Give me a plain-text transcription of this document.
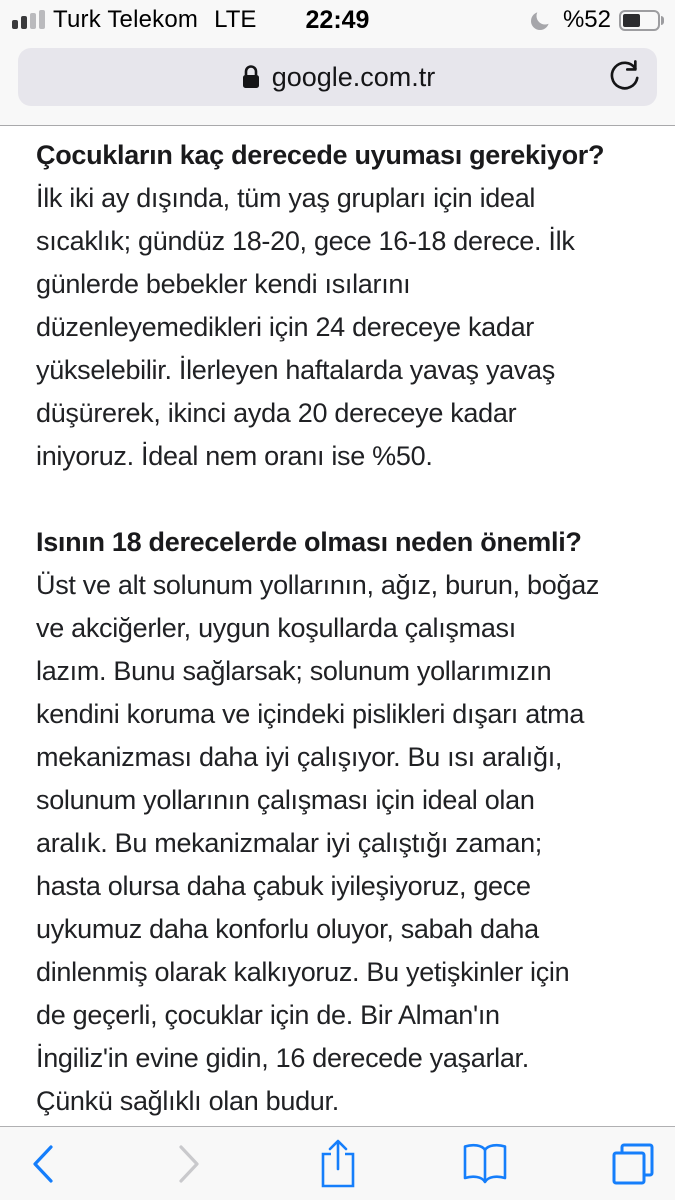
Turk Telekom LTE 22:49	%52
google.com.tr
Çocukların kaç derecede uyuması gerekiyor?
İlk iki ay dışında, tüm yaş grupları için ideal
sıcaklık; gündüz 18-20, gece 16-18 derece. İlk
günlerde bebekler kendi ısılarını
düzenleyemedikleri için 24 dereceye kadar
yükselebilir. İlerleyen haftalarda yavaş yavaş
düşürerek, ikinci ayda 20 dereceye kadar
iniyoruz. İdeal nem oranı ise %50.
Isının 18 derecelerde olması neden önemli?
Üst ve alt solunum yollarının, ağız, burun, boğaz
ve akciğerler, uygun koşullarda çalışması
lazım. Bunu sağlarsak; solunum yollarımızın
kendini koruma ve içindeki pislikleri dışarı atma
mekanizması daha iyi çalışıyor. Bu ısı aralığı,
solunum yollarının çalışması için ideal olan
aralık. Bu mekanizmalar iyi çalıştığı zaman;
hasta olursa daha çabuk iyileşiyoruz, gece
uykumuz daha konforlu oluyor, sabah daha
dinlenmiş olarak kalkıyoruz. Bu yetişkinler için
de geçerli, çocuklar için de. Bir Alman'ın
İngiliz'in evine gidin, 16 derecede yaşarlar.
Çünkü sağlıklı olan budur.
